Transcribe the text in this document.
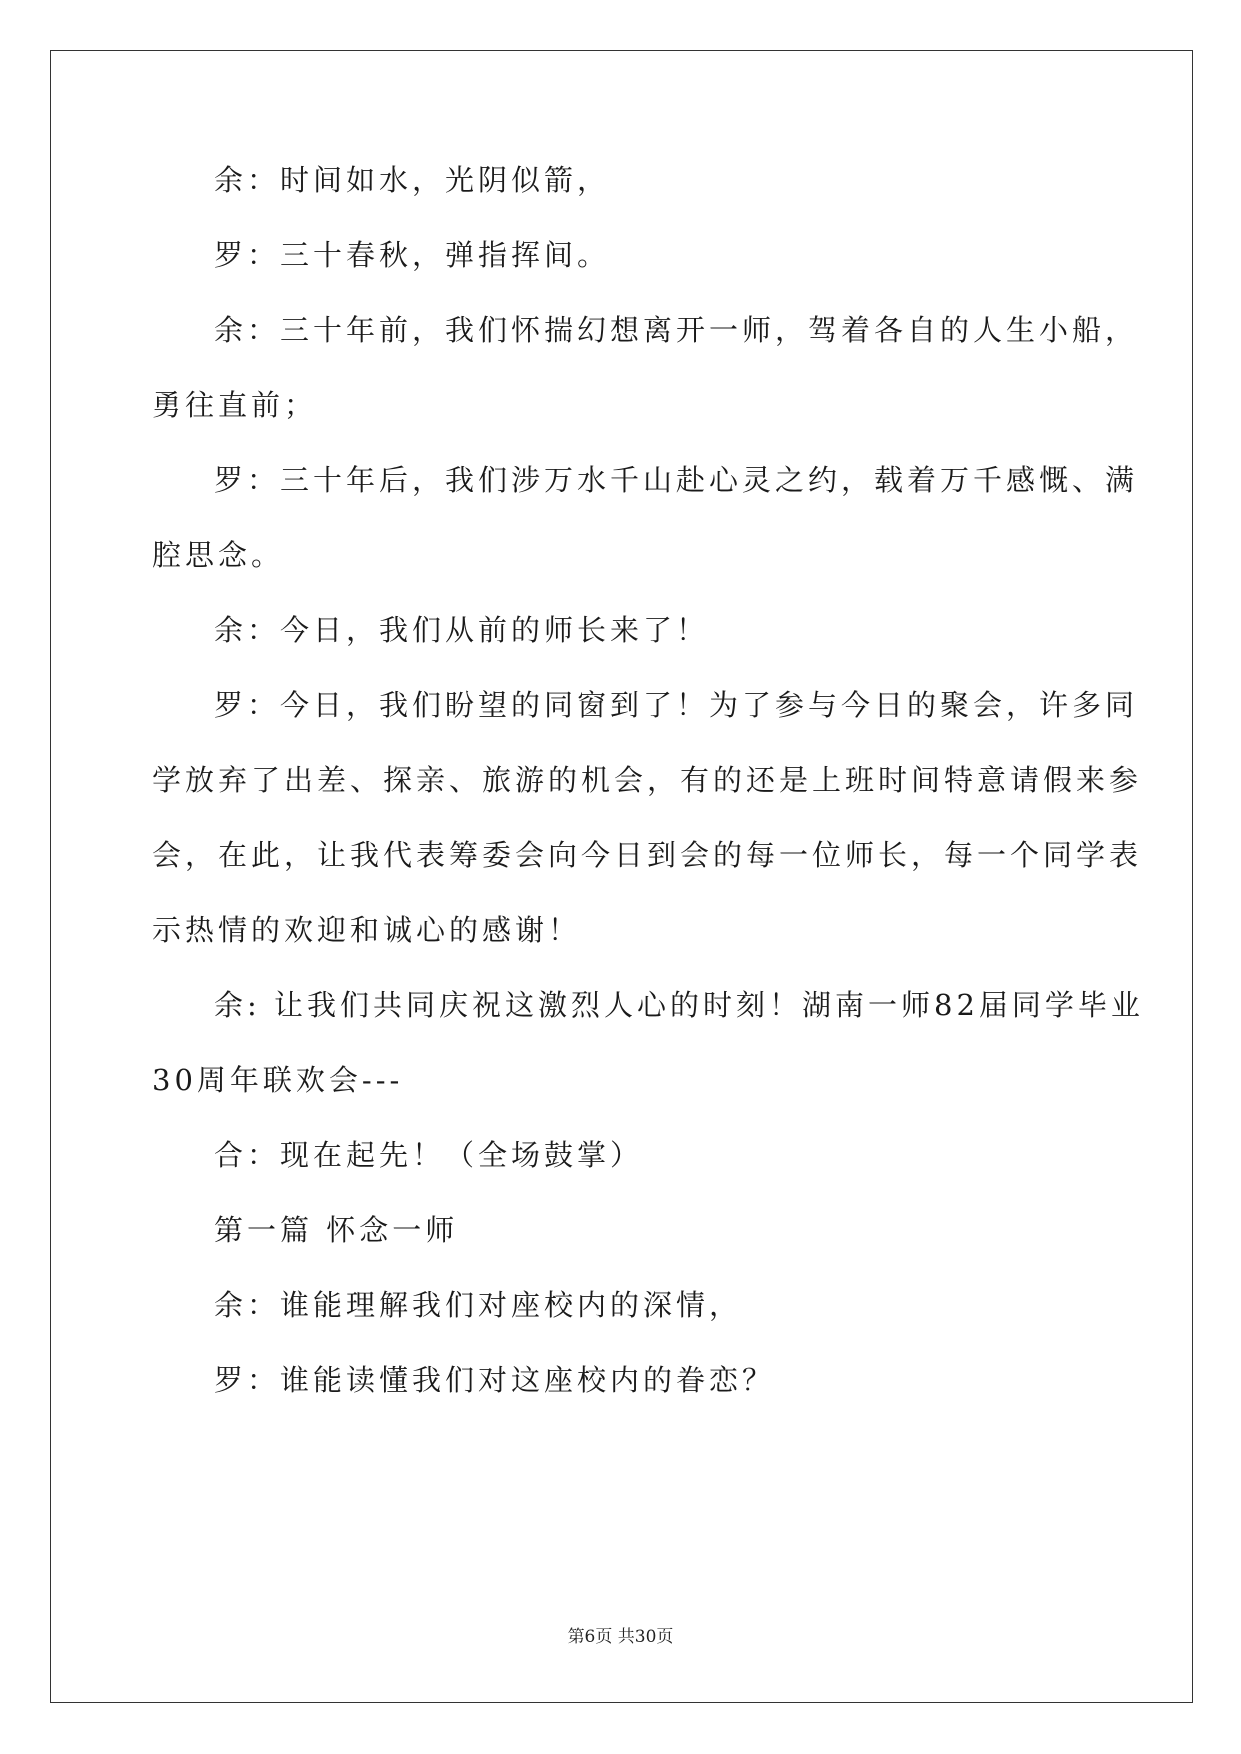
余：时间如水，光阴似箭，
罗：三十春秋，弹指挥间。
余：三十年前，我们怀揣幻想离开一师，驾着各自的人生小船，
勇往直前；
罗：三十年后，我们涉万水千山赴心灵之约，载着万千感慨、满
腔思念。
余：今日，我们从前的师长来了！
罗：今日，我们盼望的同窗到了！为了参与今日的聚会，许多同
学放弃了出差、探亲、旅游的机会，有的还是上班时间特意请假来参
会，在此，让我代表筹委会向今日到会的每一位师长，每一个同学表
示热情的欢迎和诚心的感谢！
余: 让我们共同庆祝这激烈人心的时刻！湖南一师82届同学毕业
30周年联欢会---
合：现在起先！（全场鼓掌）
第一篇 怀念一师
余：谁能理解我们对座校内的深情，
罗：谁能读懂我们对这座校内的眷恋？
第6页 共30页
